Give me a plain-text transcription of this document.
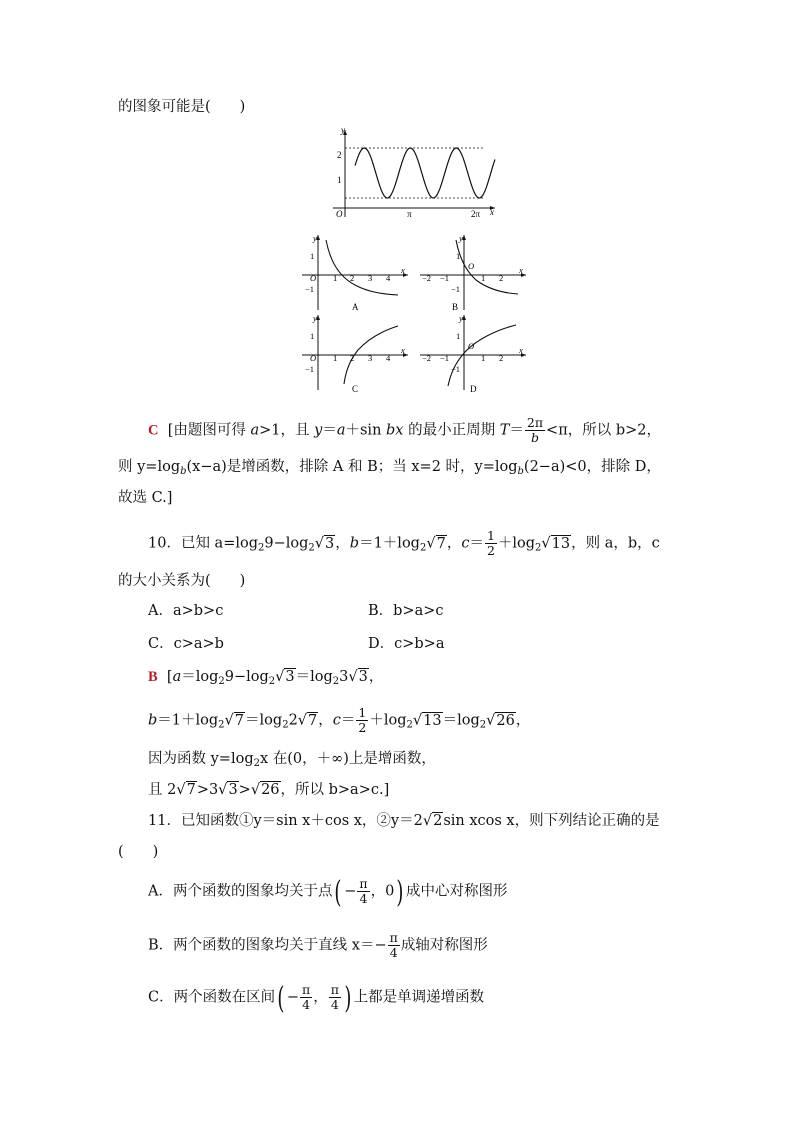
的图象可能是(　　)
y
x
O
2
1
π	2π
y
x
O
1
−1
1 2 3 4
A
y
x
O
1
−1
−2 −1	1 2
B
y
x
O
1
−1
1 2 3 4
C
y
x
O
1
−1
−2 −1	1 2
D
C [由题图可得 a>1，且 y＝a＋sin bx 的最小正周期 $T= \frac{2\pi}{b} <\pi$，所以 b>2，
则 $y=\log_b(x-a)$是增函数，排除 A 和 B；当 x=2 时，$y=\log_b(2-a)<0$，排除 D，
故选 C.]
10．已知 $a=\log_29-\log_2√3$，$b=1+\log_2√7$，$c= \frac{1}{2} +\log_2√13$，则 a，b，c
的大小关系为(　　)
A．a>b>c	B．b>a>c
C．c>a>b	D．c>b>a
B  [$a=\log_29-\log_2√3=\log_23√3$，
$b=1+\log_2√7=\log_22√7$，$c= \frac{1}{2} +\log_2√13=\log_2√26$，
因为函数 $y=\log_2x$ 在(0，＋∞)上是增函数，
且 2√7>3√3>√26，所以 b>a>c.]
11．已知函数①y＝sin x＋cos x，②y＝2√2sin xcos x，则下列结论正确的是
(　　)
A．两个函数的图象均关于点( − $\frac{\pi}{4}$ ，0) 成中心对称图形
B．两个函数的图象均关于直线 $x=- \frac{\pi}{4}$ 成轴对称图形
C．两个函数在区间( − $\frac{\pi}{4}$ ， $\frac{\pi}{4}$ ) 上都是单调递增函数
